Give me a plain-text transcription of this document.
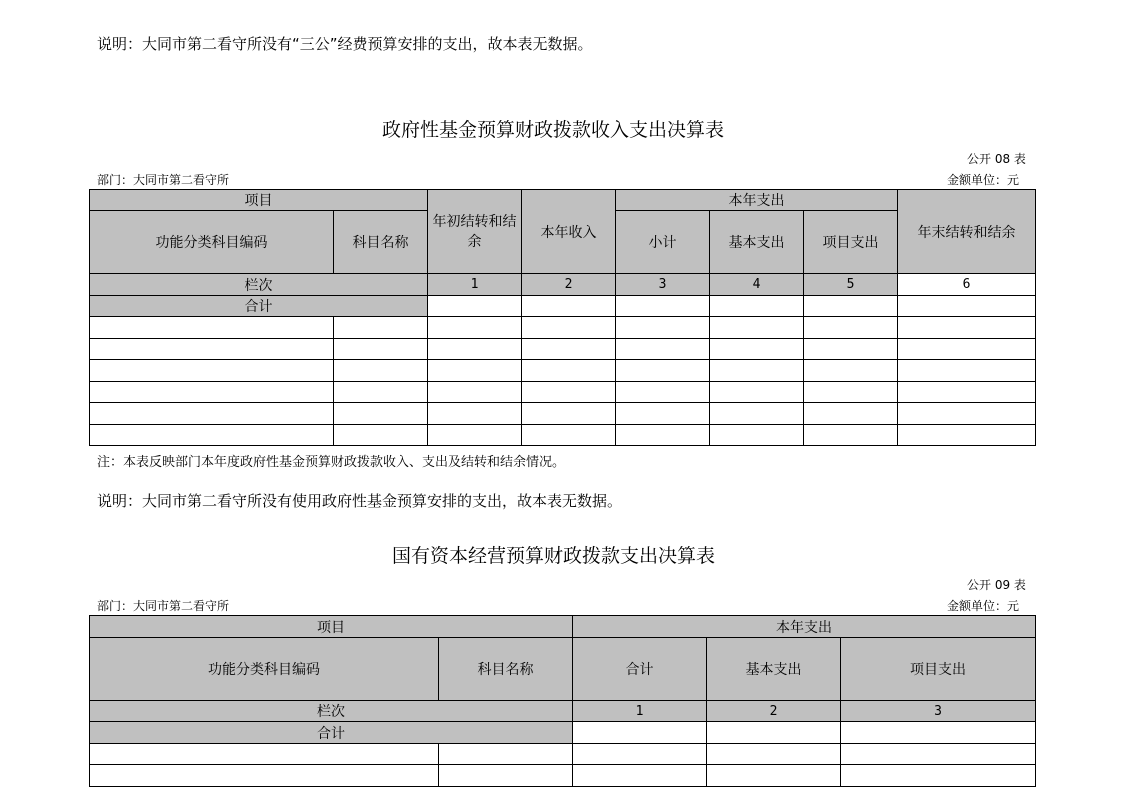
说明：大同市第二看守所没有“三公”经费预算安排的支出，故本表无数据。
政府性基金预算财政拨款收入支出决算表
公开 08 表
部门：大同市第二看守所	金额单位：元
项目		年初结转和结余	本年收入	本年支出			年末结转和结余
功能分类科目编码	科目名称			小计	基本支出	项目支出	
栏次		1	2	3	4	5	6
合计							

注：本表反映部门本年度政府性基金预算财政拨款收入、支出及结转和结余情况。
说明：大同市第二看守所没有使用政府性基金预算安排的支出，故本表无数据。
国有资本经营预算财政拨款支出决算表
公开 09 表
部门：大同市第二看守所	金额单位：元
项目		本年支出		
功能分类科目编码	科目名称	合计	基本支出	项目支出
栏次		1	2	3
合计				
